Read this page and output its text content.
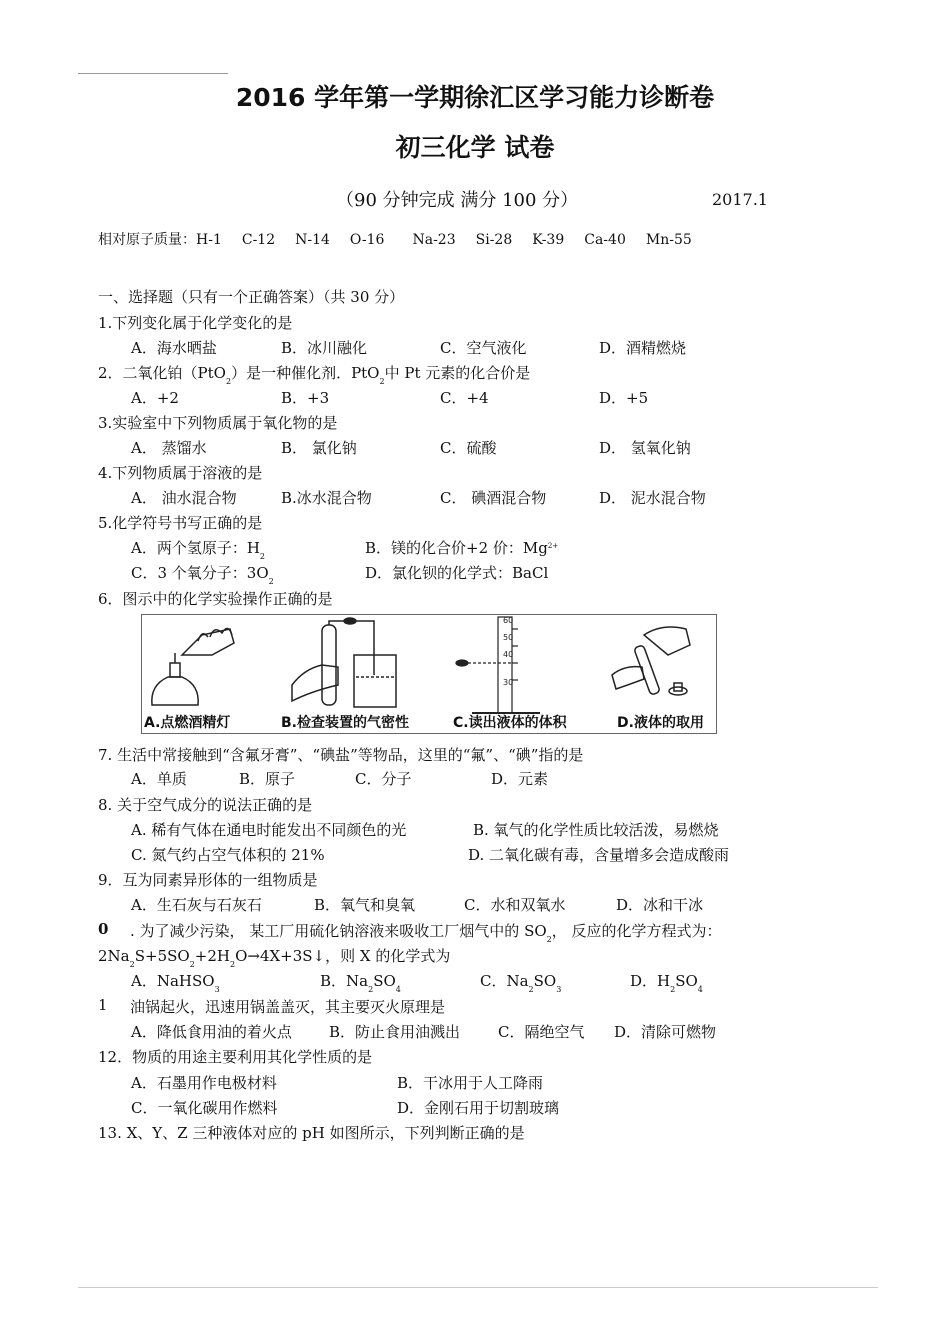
2016 学年第一学期徐汇区学习能力诊断卷
初三化学 试卷
（90 分钟完成 满分 100 分）	2017.1
相对原子质量：H-1 C-12 N-14 O-16 Na-23 Si-28 K-39 Ca-40 Mn-55
一、选择题（只有一个正确答案）（共 30 分）
1.下列变化属于化学变化的是
A．海水晒盐	B．冰川融化	C．空气液化	D．酒精燃烧
2．二氧化铂（PtO$_2$）是一种催化剂．PtO$_2$中 Pt 元素的化合价是
A．+2	B．+3	C．+4	D．+5
3.实验室中下列物质属于氧化物的是
A． 蒸馏水	B． 氯化钠	C．硫酸	D． 氢氧化钠
4.下列物质属于溶液的是
A． 油水混合物	B.冰水混合物	C． 碘酒混合物	D． 泥水混合物
5.化学符号书写正确的是
A．两个氢原子：$H_2$	B．镁的化合价+2 价：$Mg^{2+}$
C．3 个氧分子：$3O_2$	D．氯化钡的化学式：BaCl
6．图示中的化学实验操作正确的是
60
50
40
30
A.点燃酒精灯	B.检查装置的气密性	C.读出液体的体积	D.液体的取用
7. 生活中常接触到“含氟牙膏”、“碘盐”等物品，这里的“氟”、“碘”指的是
A．单质	B．原子	C．分子	D．元素
8. 关于空气成分的说法正确的是
A. 稀有气体在通电时能发出不同颜色的光	B. 氧气的化学性质比较活泼，易燃烧
C. 氮气约占空气体积的 21%	D. 二氧化碳有毒，含量增多会造成酸雨
9．互为同素异形体的一组物质是
A．生石灰与石灰石	B．氧气和臭氧	C．水和双氧水	D．冰和干冰
0 . 为了减少污染， 某工厂用硫化钠溶液来吸收工厂烟气中的 $SO_2$， 反应的化学方程式为：
$2Na_2S+5SO_2+2H_2O\to 4X+3S↓$，则 X 的化学式为
A．NaHSO$_3$	B．$Na_2SO_4$	C．$Na_2SO_3$	D．$H_2SO_4$
1 油锅起火，迅速用锅盖盖灭，其主要灭火原理是
A．降低食用油的着火点 B．防止食用油溅出	C．隔绝空气 D．清除可燃物
12．物质的用途主要利用其化学性质的是
A．石墨用作电极材料	B．干冰用于人工降雨
C．一氧化碳用作燃料	D．金刚石用于切割玻璃
13. X、Y、Z 三种液体对应的 pH 如图所示，下列判断正确的是
